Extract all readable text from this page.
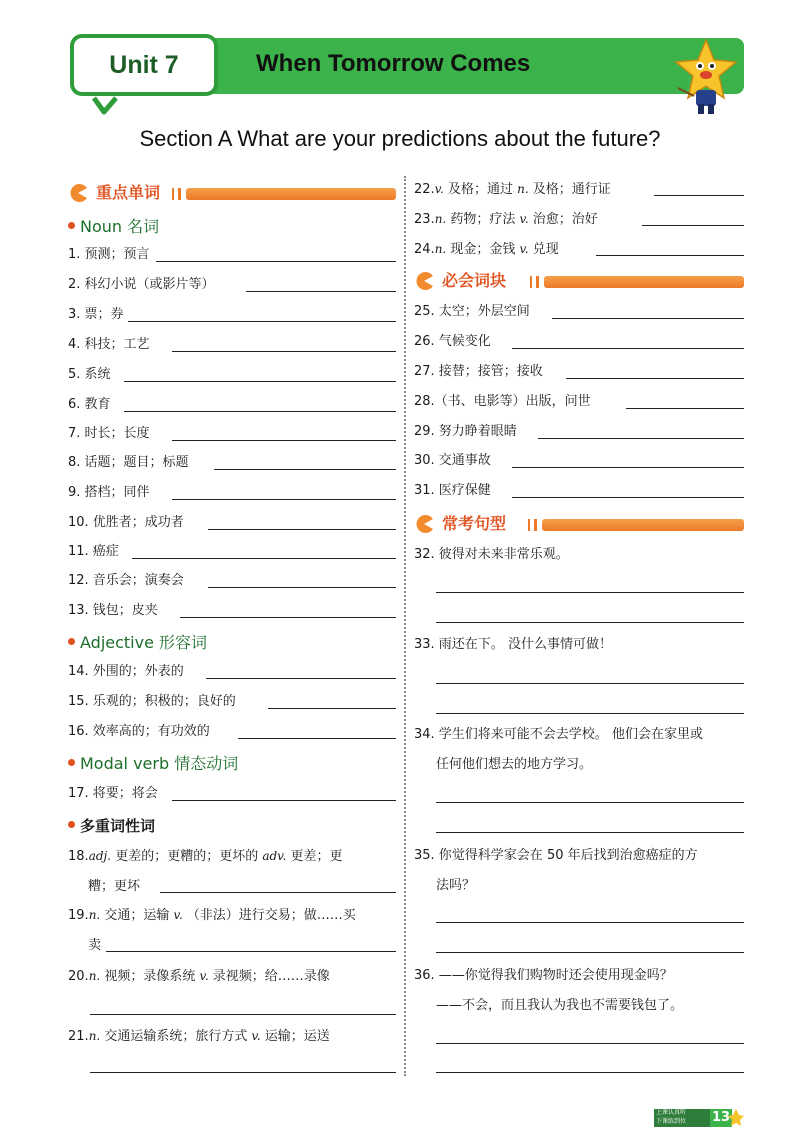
Unit 7	When Tomorrow Comes
Section A What are your predictions about the future?
重点单词
Noun 名词
1. 预测；预言
2. 科幻小说（或影片等）
3. 票；券
4. 科技；工艺
5. 系统
6. 教育
7. 时长；长度
8. 话题；题目；标题
9. 搭档；同伴
10. 优胜者；成功者
11. 癌症
12. 音乐会；演奏会
13. 钱包；皮夹
Adjective 形容词
14. 外围的；外表的
15. 乐观的；积极的；良好的
16. 效率高的；有功效的
Modal verb 情态动词
17. 将要；将会
多重词性词
18.adj. 更差的；更糟的；更坏的 adv. 更差；更
糟；更坏
19.n. 交通；运输 v. （非法）进行交易；做……买
卖
20.n. 视频；录像系统 v. 录视频；给……录像
21.n. 交通运输系统；旅行方式 v. 运输；运送
22.v. 及格；通过 n. 及格；通行证
23.n. 药物；疗法 v. 治愈；治好
24.n. 现金；金钱 v. 兑现
必会词块
25. 太空；外层空间
26. 气候变化
27. 接替；接管；接收
28.（书、电影等）出版，问世
29. 努力睁着眼睛
30. 交通事故
31. 医疗保健
常考句型
32. 彼得对未来非常乐观。
33. 雨还在下。 没什么事情可做！
34. 学生们将来可能不会去学校。 他们会在家里或
任何他们想去的地方学习。
35. 你觉得科学家会在 50 年后找到治愈癌症的方
法吗？
36. ——你觉得我们购物时还会使用现金吗？
——不会，而且我认为我也不需要钱包了。
上课认真听
下课练到位 13
